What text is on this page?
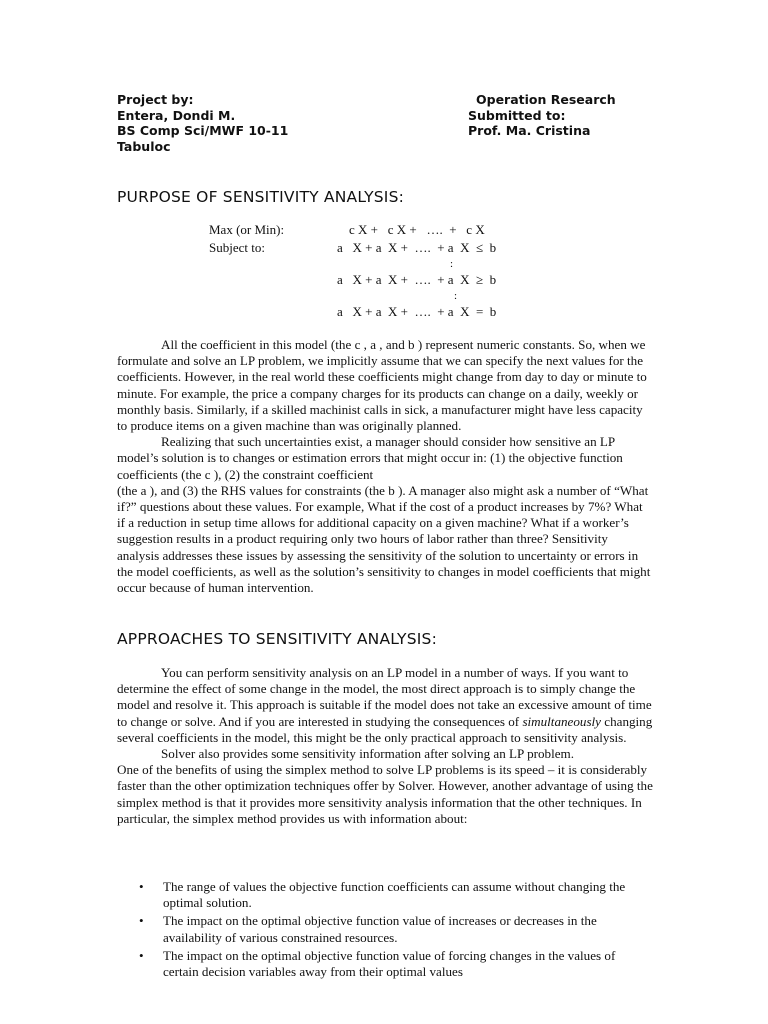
Project by:
Entera, Dondi M.
BS Comp Sci/MWF 10-11
Tabuloc
Operation Research
Submitted to:
Prof. Ma. Cristina
PURPOSE OF SENSITIVITY ANALYSIS:
Max (or Min):	c X +   c X +   ….  +   c X
Subject to:	a   X + a  X +  ….  + a  X  ≤  b
:
a   X + a  X +  ….  + a  X  ≥  b
:
a   X + a  X +  ….  + a  X  =  b

All the coefficient in this model (the c , a , and b ) represent numeric constants. So, when we formulate and solve an LP problem, we implicitly assume that we can specify the next values for the coefficients. However, in the real world these coefficients might change from day to day or minute to minute. For example, the price a company charges for its products can change on a daily, weekly or monthly basis. Similarly, if a skilled machinist calls in sick, a manufacturer might have less capacity to produce items on a given machine than was originally planned.

Realizing that such uncertainties exist, a manager should consider how sensitive an LP model’s solution is to changes or estimation errors that might occur in: (1) the objective function coefficients (the c ), (2) the constraint coefficient

(the a ), and (3) the RHS values for constraints (the b ). A manager also might ask a number of “What if?” questions about these values. For example, What if the cost of a product increases by 7%? What if a reduction in setup time allows for additional capacity on a given machine? What if a worker’s suggestion results in a product requiring only two hours of labor rather than three? Sensitivity analysis addresses these issues by assessing the sensitivity of the solution to uncertainty or errors in the model coefficients, as well as the solution’s sensitivity to changes in model coefficients that might occur because of human intervention.

APPROACHES TO SENSITIVITY ANALYSIS:

You can perform sensitivity analysis on an LP model in a number of ways. If you want to determine the effect of some change in the model, the most direct approach is to simply change the model and resolve it. This approach is suitable if the model does not take an excessive amount of time to change or solve. And if you are interested in studying the consequences of simultaneously changing several coefficients in the model, this might be the only practical approach to sensitivity analysis.

Solver also provides some sensitivity information after solving an LP problem.

One of the benefits of using the simplex method to solve LP problems is its speed – it is considerably faster than the other optimization techniques offer by Solver. However, another advantage of using the simplex method is that it provides more sensitivity analysis information that the other techniques. In particular, the simplex method provides us with information about:

• The range of values the objective function coefficients can assume without changing the optimal solution.
• The impact on the optimal objective function value of increases or decreases in the availability of various constrained resources.
• The impact on the optimal objective function value of forcing changes in the values of certain decision variables away from their optimal values
